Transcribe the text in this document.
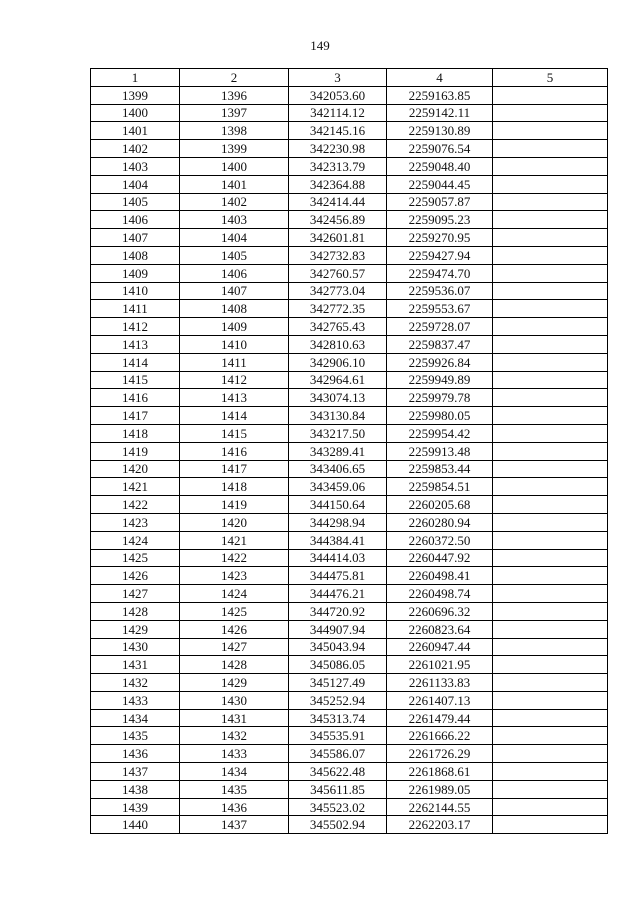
149
1	2	3	4	5
1399	1396	342053.60	2259163.85	
1400	1397	342114.12	2259142.11	
1401	1398	342145.16	2259130.89	
1402	1399	342230.98	2259076.54	
1403	1400	342313.79	2259048.40	
1404	1401	342364.88	2259044.45	
1405	1402	342414.44	2259057.87	
1406	1403	342456.89	2259095.23	
1407	1404	342601.81	2259270.95	
1408	1405	342732.83	2259427.94	
1409	1406	342760.57	2259474.70	
1410	1407	342773.04	2259536.07	
1411	1408	342772.35	2259553.67	
1412	1409	342765.43	2259728.07	
1413	1410	342810.63	2259837.47	
1414	1411	342906.10	2259926.84	
1415	1412	342964.61	2259949.89	
1416	1413	343074.13	2259979.78	
1417	1414	343130.84	2259980.05	
1418	1415	343217.50	2259954.42	
1419	1416	343289.41	2259913.48	
1420	1417	343406.65	2259853.44	
1421	1418	343459.06	2259854.51	
1422	1419	344150.64	2260205.68	
1423	1420	344298.94	2260280.94	
1424	1421	344384.41	2260372.50	
1425	1422	344414.03	2260447.92	
1426	1423	344475.81	2260498.41	
1427	1424	344476.21	2260498.74	
1428	1425	344720.92	2260696.32	
1429	1426	344907.94	2260823.64	
1430	1427	345043.94	2260947.44	
1431	1428	345086.05	2261021.95	
1432	1429	345127.49	2261133.83	
1433	1430	345252.94	2261407.13	
1434	1431	345313.74	2261479.44	
1435	1432	345535.91	2261666.22	
1436	1433	345586.07	2261726.29	
1437	1434	345622.48	2261868.61	
1438	1435	345611.85	2261989.05	
1439	1436	345523.02	2262144.55	
1440	1437	345502.94	2262203.17	
